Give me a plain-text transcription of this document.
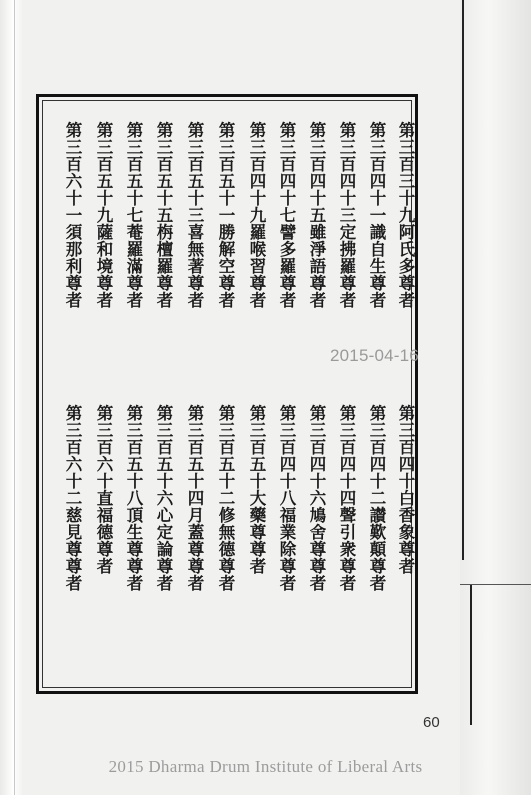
第
三
百
三
十
九
阿
氏
多
尊
者
第
三
百
四
十
一
識
自
生
尊
者
第
三
百
四
十
三
定
拂
羅
尊
者
第
三
百
四
十
五
雖
淨
語
尊
者
第
三
百
四
十
七
譬
多
羅
尊
者
第
三
百
四
十
九
羅
喉
習
尊
者
第
三
百
五
十
一
勝
解
空
尊
者
第
三
百
五
十
三
喜
無
著
尊
者
第
三
百
五
十
五
栴
檀
羅
尊
者
第
三
百
五
十
七
菴
羅
滿
尊
者
第
三
百
五
十
九
薩
和
境
尊
者
第
三
百
六
十
一
須
那
利
尊
者
第
三
百
四
十
白
香
象
尊
者
第
三
百
四
十
二
讃
歎
顛
尊
者
第
三
百
四
十
四
聲
引
衆
尊
者
第
三
百
四
十
六
鳩
舍
尊
尊
者
第
三
百
四
十
八
福
業
除
尊
者
第
三
百
五
十
大
藥
尊
尊
者
第
三
百
五
十
二
修
無
德
尊
者
第
三
百
五
十
四
月
蓋
尊
尊
者
第
三
百
五
十
六
心
定
論
尊
者
第
三
百
五
十
八
頂
生
尊
尊
者
第
三
百
六
十
直
福
德
尊
者
第
三
百
六
十
二
慈
見
尊
尊
者
2015-04-16
60
2015 Dharma Drum Institute of Liberal Arts
